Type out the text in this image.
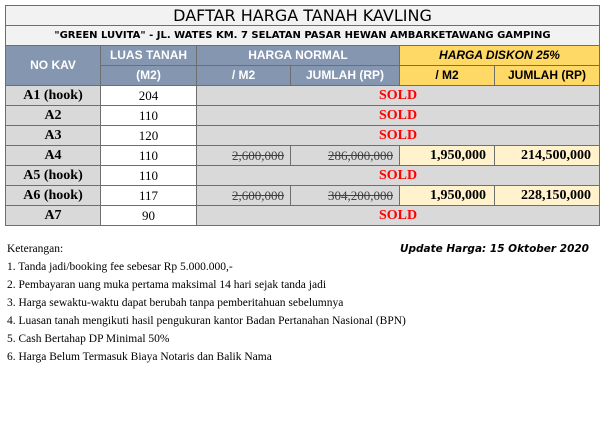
DAFTAR HARGA TANAH KAVLING					
"GREEN LUVITA" - JL. WATES KM. 7 SELATAN PASAR HEWAN AMBARKETAWANG GAMPING					
NO KAV	LUAS TANAH	HARGA NORMAL		HARGA DISKON 25%	
	(M2)	/ M2	JUMLAH (RP)	/ M2	JUMLAH (RP)
A1 (hook)	204	SOLD			
A2	110	SOLD			
A3	120	SOLD			
A4	110	2,600,000	286,000,000	1,950,000	214,500,000
A5 (hook)	110	SOLD			
A6 (hook)	117	2,600,000	304,200,000	1,950,000	228,150,000
A7	90	SOLD			
Keterangan:	Update Harga: 15 Oktober 2020
1. Tanda jadi/booking fee sebesar Rp 5.000.000,-
2. Pembayaran uang muka pertama maksimal 14 hari sejak tanda jadi
3. Harga sewaktu-waktu dapat berubah tanpa pemberitahuan sebelumnya
4. Luasan tanah mengikuti hasil pengukuran kantor Badan Pertanahan Nasional (BPN)
5. Cash Bertahap DP Minimal 50%
6. Harga Belum Termasuk Biaya Notaris dan Balik Nama
